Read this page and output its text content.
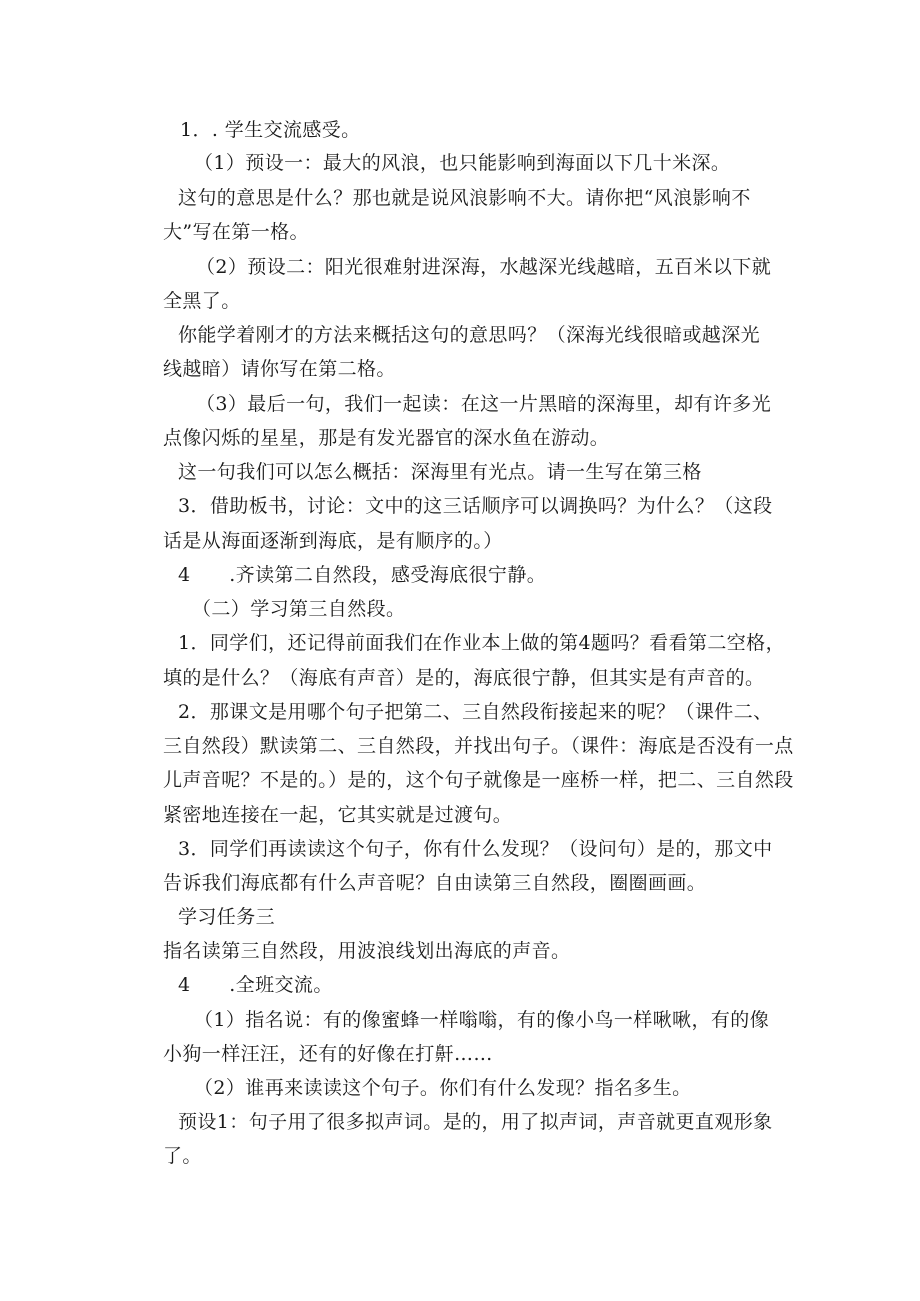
1．. 学生交流感受。
（1）预设一：最大的风浪，也只能影响到海面以下几十米深。
这句的意思是什么？那也就是说风浪影响不大。请你把“风浪影响不
大”写在第一格。
（2）预设二：阳光很难射进深海，水越深光线越暗，五百米以下就
全黑了。
你能学着刚才的方法来概括这句的意思吗？（深海光线很暗或越深光
线越暗）请你写在第二格。
（3）最后一句，我们一起读：在这一片黑暗的深海里，却有许多光
点像闪烁的星星，那是有发光器官的深水鱼在游动。
这一句我们可以怎么概括：深海里有光点。请一生写在第三格
3．借助板书，讨论：文中的这三话顺序可以调换吗？为什么？（这段
话是从海面逐渐到海底，是有顺序的。）
4　　.齐读第二自然段，感受海底很宁静。
（二）学习第三自然段。
1．同学们，还记得前面我们在作业本上做的第4题吗？看看第二空格，
填的是什么？（海底有声音）是的，海底很宁静，但其实是有声音的。
2．那课文是用哪个句子把第二、三自然段衔接起来的呢？（课件二、
三自然段）默读第二、三自然段，并找出句子。（课件：海底是否没有一点
儿声音呢？不是的。）是的，这个句子就像是一座桥一样，把二、三自然段
紧密地连接在一起，它其实就是过渡句。
3．同学们再读读这个句子，你有什么发现？（设问句）是的，那文中
告诉我们海底都有什么声音呢？自由读第三自然段，圈圈画画。
学习任务三
指名读第三自然段，用波浪线划出海底的声音。
4　　.全班交流。
（1）指名说：有的像蜜蜂一样嗡嗡，有的像小鸟一样啾啾，有的像
小狗一样汪汪，还有的好像在打鼾……
（2）谁再来读读这个句子。你们有什么发现？指名多生。
预设1：句子用了很多拟声词。是的，用了拟声词，声音就更直观形象
了。
